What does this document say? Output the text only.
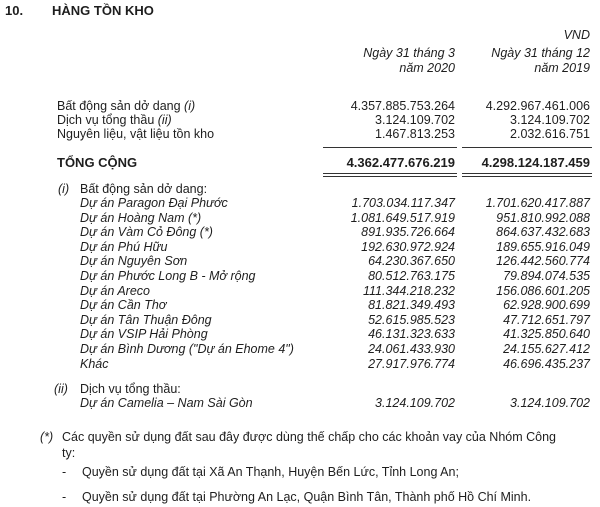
10. HÀNG TỒN KHO
VND
Ngày 31 tháng 3
năm 2020
Ngày 31 tháng 12
năm 2019
Bất động sản dở dang (i)	4.357.885.753.264 4.292.967.461.006
Dịch vụ tổng thầu (ii)	3.124.109.702	3.124.109.702
Nguyên liệu, vật liệu tồn kho	1.467.813.253	2.032.616.751
TỔNG CỘNG	4.362.477.676.219 4.298.124.187.459
(i) Bất động sản dở dang:
Dự án Paragon Đại Phước	1.703.034.117.347 1.701.620.417.887
Dự án Hoàng Nam (*)	1.081.649.517.919	951.810.992.088
Dự án Vàm Cỏ Đông (*)	891.935.726.664	864.637.432.683
Dự án Phú Hữu	192.630.972.924	189.655.916.049
Dự án Nguyên Sơn	64.230.367.650	126.442.560.774
Dự án Phước Long B - Mở rộng	80.512.763.175	79.894.074.535
Dự án Areco	111.344.218.232	156.086.601.205
Dự án Cần Thơ	81.821.349.493	62.928.900.699
Dự án Tân Thuận Đông	52.615.985.523	47.712.651.797
Dự án VSIP Hải Phòng	46.131.323.633	41.325.850.640
Dự án Bình Dương ("Dự án Ehome 4")	24.061.433.930	24.155.627.412
Khác	27.917.976.774	46.696.435.237
(ii) Dịch vụ tổng thầu:
Dự án Camelia – Nam Sài Gòn	3.124.109.702	3.124.109.702
(*) Các quyền sử dụng đất sau đây được dùng thế chấp cho các khoản vay của Nhóm Công
ty:
- Quyền sử dụng đất tại Xã An Thạnh, Huyện Bến Lức, Tỉnh Long An;
- Quyền sử dụng đất tại Phường An Lạc, Quận Bình Tân, Thành phố Hồ Chí Minh.
